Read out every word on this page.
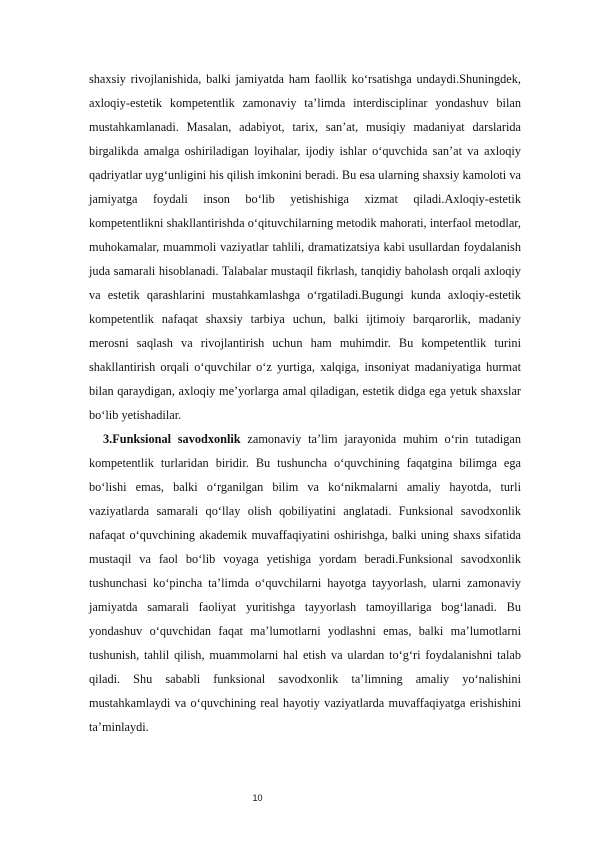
shaxsiy rivojlanishida, balki jamiyatda ham faollik ko‘rsatishga undaydi.Shuningdek, axloqiy-estetik kompetentlik zamonaviy ta’limda interdisciplinar yondashuv bilan mustahkamlanadi. Masalan, adabiyot, tarix, san’at, musiqiy madaniyat darslarida birgalikda amalga oshiriladigan loyihalar, ijodiy ishlar o‘quvchida san’at va axloqiy qadriyatlar uyg‘unligini his qilish imkonini beradi. Bu esa ularning shaxsiy kamoloti va jamiyatga foydali inson bo‘lib yetishishiga xizmat qiladi.Axloqiy-estetik kompetentlikni shakllantirishda o‘qituvchilarning metodik mahorati, interfaol metodlar, muhokamalar, muammoli vaziyatlar tahlili, dramatizatsiya kabi usullardan foydalanish juda samarali hisoblanadi. Talabalar mustaqil fikrlash, tanqidiy baholash orqali axloqiy va estetik qarashlarini mustahkamlashga o‘rgatiladi.Bugungi kunda axloqiy-estetik kompetentlik nafaqat shaxsiy tarbiya uchun, balki ijtimoiy barqarorlik, madaniy merosni saqlash va rivojlantirish uchun ham muhimdir. Bu kompetentlik turini shakllantirish orqali o‘quvchilar o‘z yurtiga, xalqiga, insoniyat madaniyatiga hurmat bilan qaraydigan, axloqiy me’yorlarga amal qiladigan, estetik didga ega yetuk shaxslar bo‘lib yetishadilar.

3.Funksional savodxonlik zamonaviy ta’lim jarayonida muhim o‘rin tutadigan kompetentlik turlaridan biridir. Bu tushuncha o‘quvchining faqatgina bilimga ega bo‘lishi emas, balki o‘rganilgan bilim va ko‘nikmalarni amaliy hayotda, turli vaziyatlarda samarali qo‘llay olish qobiliyatini anglatadi. Funksional savodxonlik nafaqat o‘quvchining akademik muvaffaqiyatini oshirishga, balki uning shaxs sifatida mustaqil va faol bo‘lib voyaga yetishiga yordam beradi.Funksional savodxonlik tushunchasi ko‘pincha ta’limda o‘quvchilarni hayotga tayyorlash, ularni zamonaviy jamiyatda samarali faoliyat yuritishga tayyorlash tamoyillariga bog‘lanadi. Bu yondashuv o‘quvchidan faqat ma’lumotlarni yodlashni emas, balki ma’lumotlarni tushunish, tahlil qilish, muammolarni hal etish va ulardan to‘g‘ri foydalanishni talab qiladi. Shu sababli funksional savodxonlik ta’limning amaliy yo‘nalishini mustahkamlaydi va o‘quvchining real hayotiy vaziyatlarda muvaffaqiyatga erishishini ta’minlaydi.

10
